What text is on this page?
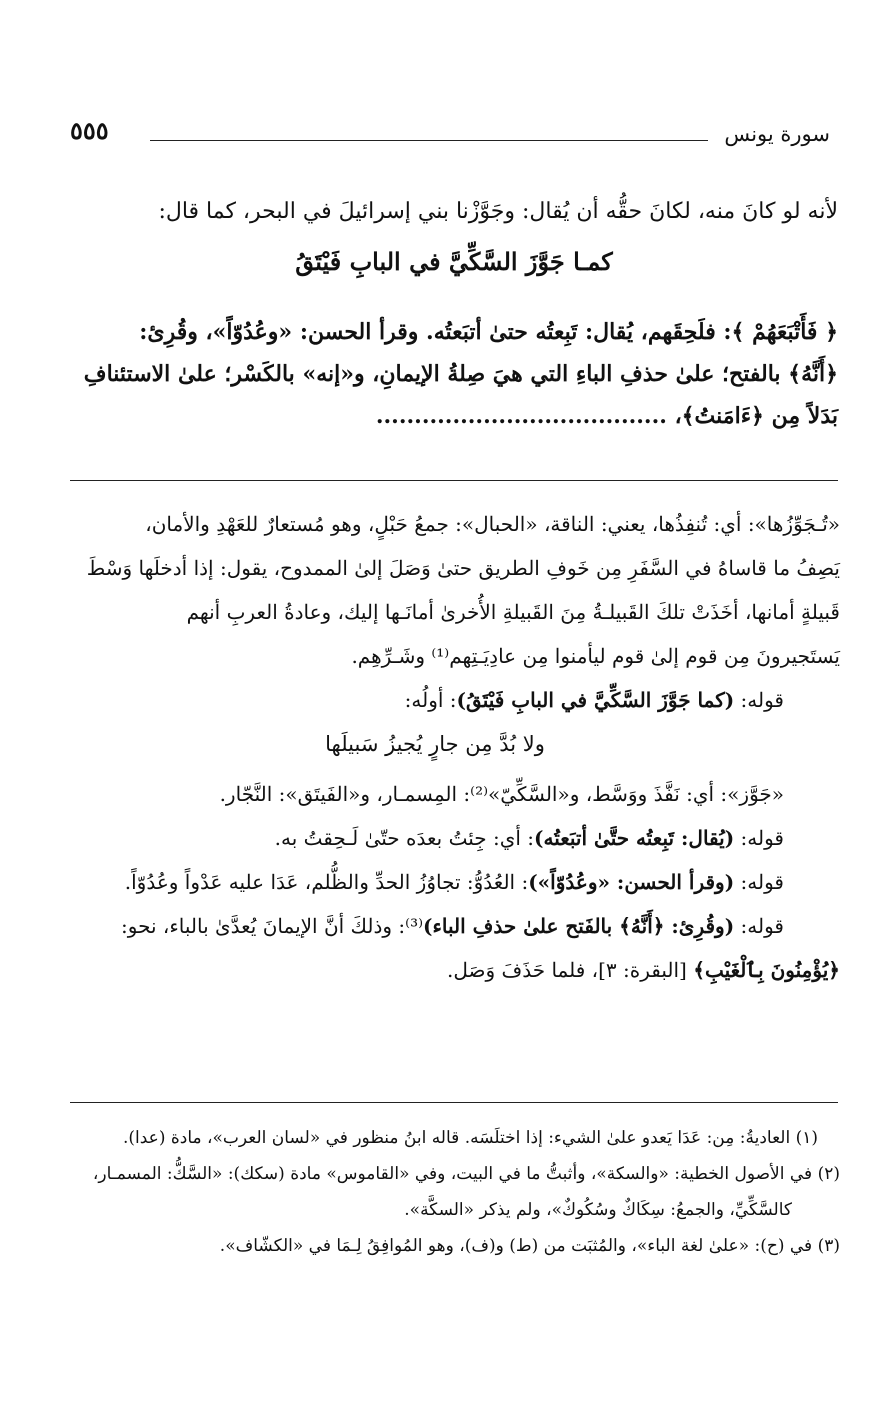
سورة يونس
٥٥٥

لأنه لو كانَ منه، لكانَ حقُّه أن يُقال: وجَوَّزْنا بني إسرائيلَ في البحر، كما قال:

كمـا جَوَّزَ السَّكِّيَّ في البابِ فَيْتَقُ

﴿ فَأَتْبَعَهُمْ ﴾: فلَحِقَهم، يُقال: تَبِعتُه حتىٰ أتبَعتُه. وقرأ الحسن: «وعُدُوّاً»، وقُرِئ:

﴿أَنَّهُ﴾ بالفتح؛ علىٰ حذفِ الباءِ التي هيَ صِلةُ الإيمانِ، و«إنه» بالكَسْر؛ علىٰ الاستئنافِ

بَدَلاً مِن ﴿ءَامَنتُ﴾، ......................................

«تُـجَوِّزُها»: أي: تُنفِذُها، يعني: الناقة، «الحبال»: جمعُ حَبْلٍ، وهو مُستعارٌ للعَهْدِ والأمان،

يَصِفُ ما قاساهُ في السَّفَرِ مِن خَوفِ الطريق حتىٰ وَصَلَ إلىٰ الممدوح، يقول: إذا أدخلَها وَسْطَ

قَبيلةٍ أمانها، أخَذَتْ تلكَ القَبيلـةُ مِنَ القَبيلةِ الأُخرىٰ أمانَـها إليك، وعادةُ العربِ أنهم

يَستَجيرونَ مِن قوم إلىٰ قوم ليأمنوا مِن عادِيَـتِهم⁽¹⁾ وشَـرِّهِم.

قوله: (كما جَوَّزَ السَّكِّيَّ في البابِ فَيْتَقُ): أولُه:

ولا بُدَّ مِن جارٍ يُجيزُ سَبيلَها

«جَوَّز»: أي: نَفَّذَ ووَسَّط، و«السَّكِّيّ»⁽²⁾: المِسمـار، و«الفَيتَق»: النَّجّار.

قوله: (يُقال: تَبِعتُه حتَّىٰ أتبَعتُه): أي: جِئتُ بعدَه حتّىٰ لَـحِقتُ به.

قوله: (وقرأ الحسن: «وعُدُوّاً»): العُدُوُّ: تجاوُزُ الحدِّ والظُّلم، عَدَا عليه عَدْواً وعُدُوّاً.

قوله: (وقُرِئ: ﴿أَنَّهُ﴾ بالفَتح علىٰ حذفِ الباء)⁽³⁾: وذلكَ أنَّ الإيمانَ يُعدَّىٰ بالباء، نحو:

﴿يُؤْمِنُونَ بِٱلْغَيْبِ﴾ [البقرة: ٣]، فلما حَذَفَ وَصَل.

(١) العاديةُ: مِن: عَدَا يَعدو علىٰ الشيء: إذا اختلَسَه. قاله ابنُ منظور في «لسان العرب»، مادة (عدا).

(٢) في الأصول الخطية: «والسكة»، وأثبتُّ ما في البيت، وفي «القاموس» مادة (سكك): «السَّكُّ: المسمـار،

كالسَّكِّيِّ، والجمعُ: سِكَاكٌ وسُكُوكٌ»، ولم يذكر «السكَّة».

(٣) في (ح): «علىٰ لغة الباء»، والمُثبَت من (ط) و(ف)، وهو المُوافِقُ لِـمَا في «الكشّاف».
